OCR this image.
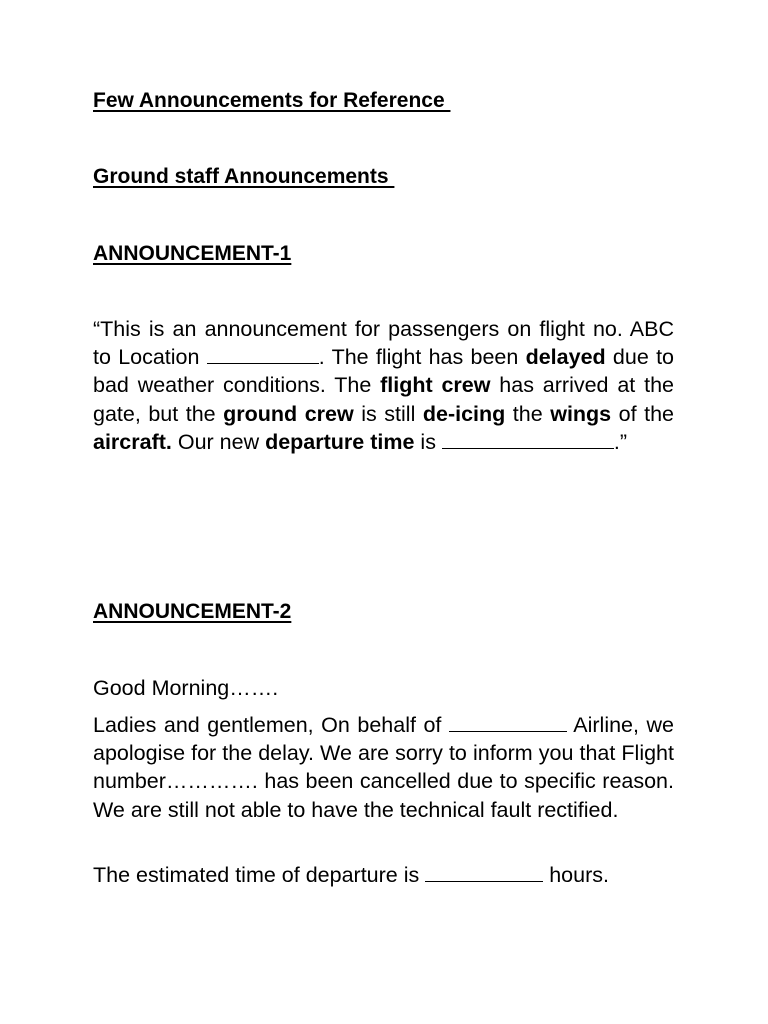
Few Announcements for Reference

Ground staff Announcements

ANNOUNCEMENT-1

“This is an announcement for passengers on flight no. ABC to Location	. The flight has been delayed due to bad weather conditions. The flight crew has arrived at the gate, but the ground crew is still de-icing the wings of the aircraft. Our new departure time is	.”

ANNOUNCEMENT-2

Good Morning…….

Ladies and gentlemen, On behalf of	Airline, we apologise for the delay. We are sorry to inform you that Flight number…………. has been cancelled due to specific reason. We are still not able to have the technical fault rectified.

The estimated time of departure is	hours.
